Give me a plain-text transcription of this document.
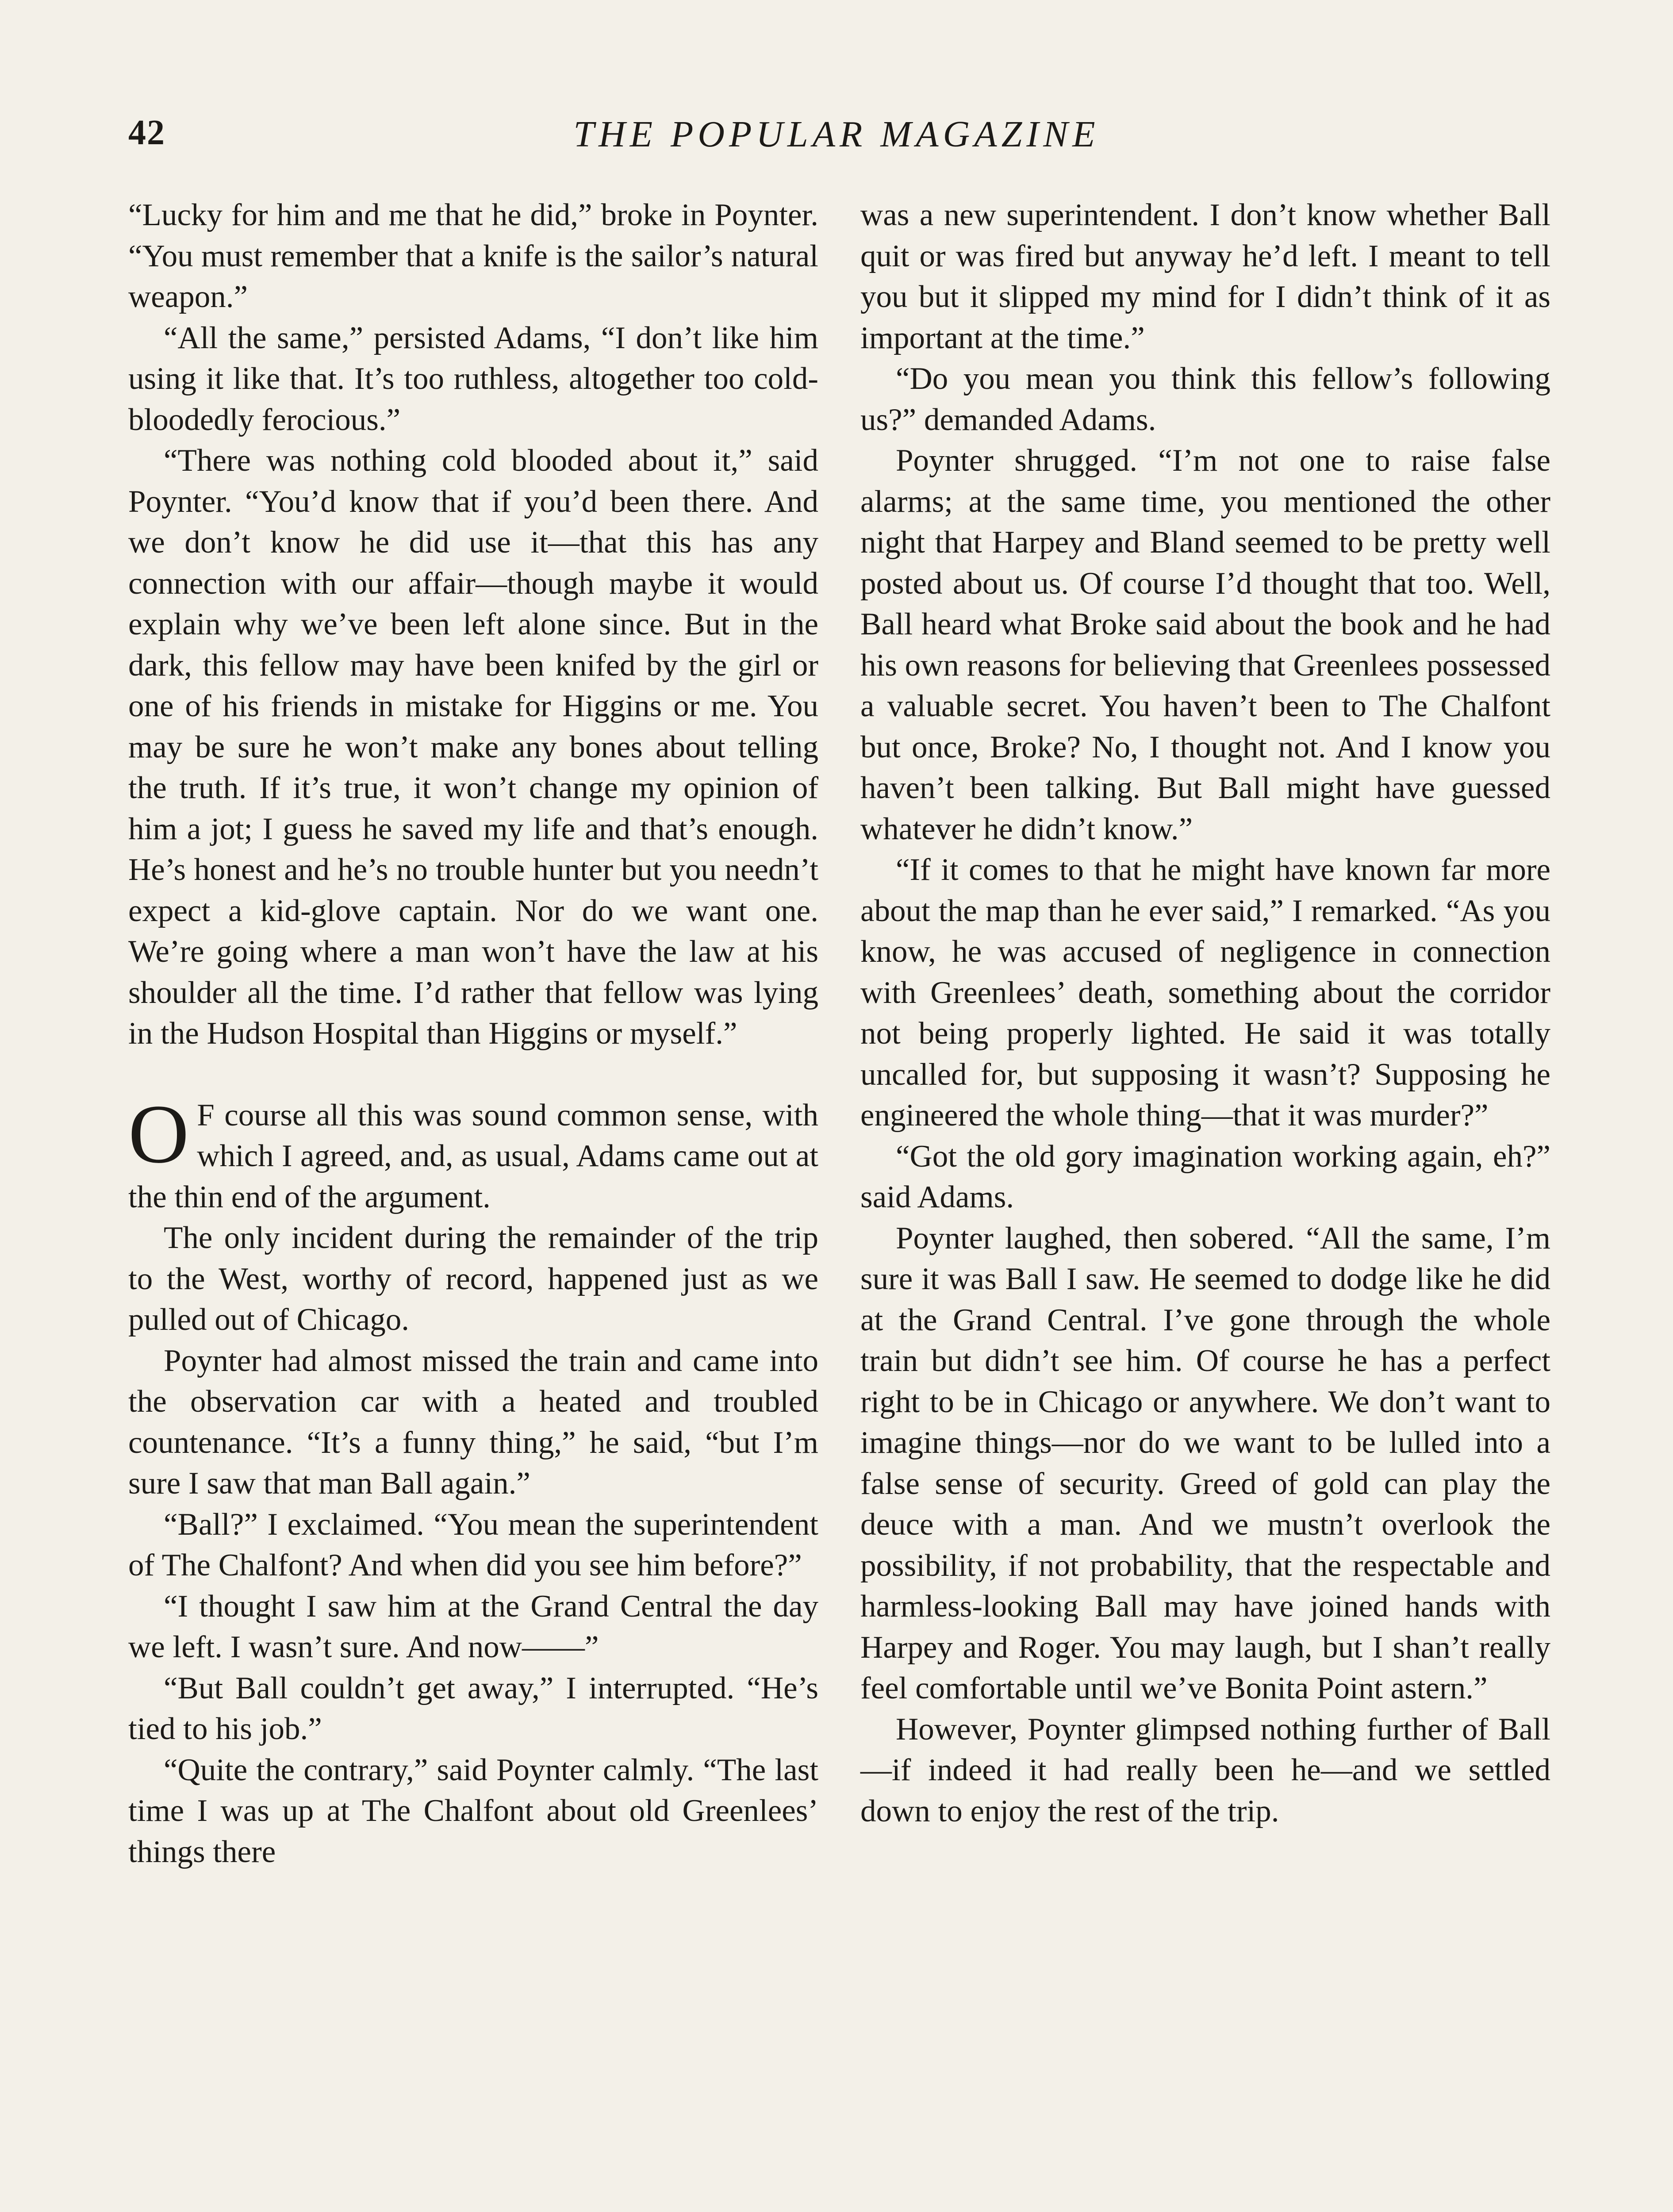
42	THE POPULAR MAGAZINE

“Lucky for him and me that he did,” broke in Poynter. “You must remember that a knife is the sailor’s natural weapon.”

“All the same,” persisted Adams, “I don’t like him using it like that. It’s too ruthless, altogether too cold-bloodedly ferocious.”

“There was nothing cold blooded about it,” said Poynter. “You’d know that if you’d been there. And we don’t know he did use it—that this has any connection with our affair—though maybe it would explain why we’ve been left alone since. But in the dark, this fellow may have been knifed by the girl or one of his friends in mistake for Higgins or me. You may be sure he won’t make any bones about telling the truth. If it’s true, it won’t change my opinion of him a jot; I guess he saved my life and that’s enough. He’s honest and he’s no trouble hunter but you needn’t expect a kid-glove captain. Nor do we want one. We’re going where a man won’t have the law at his shoulder all the time. I’d rather that fellow was lying in the Hudson Hospital than Higgins or myself.”

O F course all this was sound common sense, with which I agreed, and, as usual, Adams came out at the thin end of the argument.

The only incident during the remainder of the trip to the West, worthy of record, happened just as we pulled out of Chicago.

Poynter had almost missed the train and came into the observation car with a heated and troubled countenance. “It’s a funny thing,” he said, “but I’m sure I saw that man Ball again.”

“Ball?” I exclaimed. “You mean the superintendent of The Chalfont? And when did you see him before?”

“I thought I saw him at the Grand Central the day we left. I wasn’t sure. And now——”

“But Ball couldn’t get away,” I interrupted. “He’s tied to his job.”

“Quite the contrary,” said Poynter calmly. “The last time I was up at The Chalfont about old Greenlees’ things there

was a new superintendent. I don’t know whether Ball quit or was fired but anyway he’d left. I meant to tell you but it slipped my mind for I didn’t think of it as important at the time.”

“Do you mean you think this fellow’s following us?” demanded Adams.

Poynter shrugged. “I’m not one to raise false alarms; at the same time, you mentioned the other night that Harpey and Bland seemed to be pretty well posted about us. Of course I’d thought that too. Well, Ball heard what Broke said about the book and he had his own reasons for believing that Greenlees possessed a valuable secret. You haven’t been to The Chalfont but once, Broke? No, I thought not. And I know you haven’t been talking. But Ball might have guessed whatever he didn’t know.”

“If it comes to that he might have known far more about the map than he ever said,” I remarked. “As you know, he was accused of negligence in connection with Greenlees’ death, something about the corridor not being properly lighted. He said it was totally uncalled for, but supposing it wasn’t? Supposing he engineered the whole thing—that it was murder?”

“Got the old gory imagination working again, eh?” said Adams.

Poynter laughed, then sobered. “All the same, I’m sure it was Ball I saw. He seemed to dodge like he did at the Grand Central. I’ve gone through the whole train but didn’t see him. Of course he has a perfect right to be in Chicago or anywhere. We don’t want to imagine things—nor do we want to be lulled into a false sense of security. Greed of gold can play the deuce with a man. And we mustn’t overlook the possibility, if not probability, that the respectable and harmless-looking Ball may have joined hands with Harpey and Roger. You may laugh, but I shan’t really feel comfortable until we’ve Bonita Point astern.”

However, Poynter glimpsed nothing further of Ball—if indeed it had really been he—and we settled down to enjoy the rest of the trip.
